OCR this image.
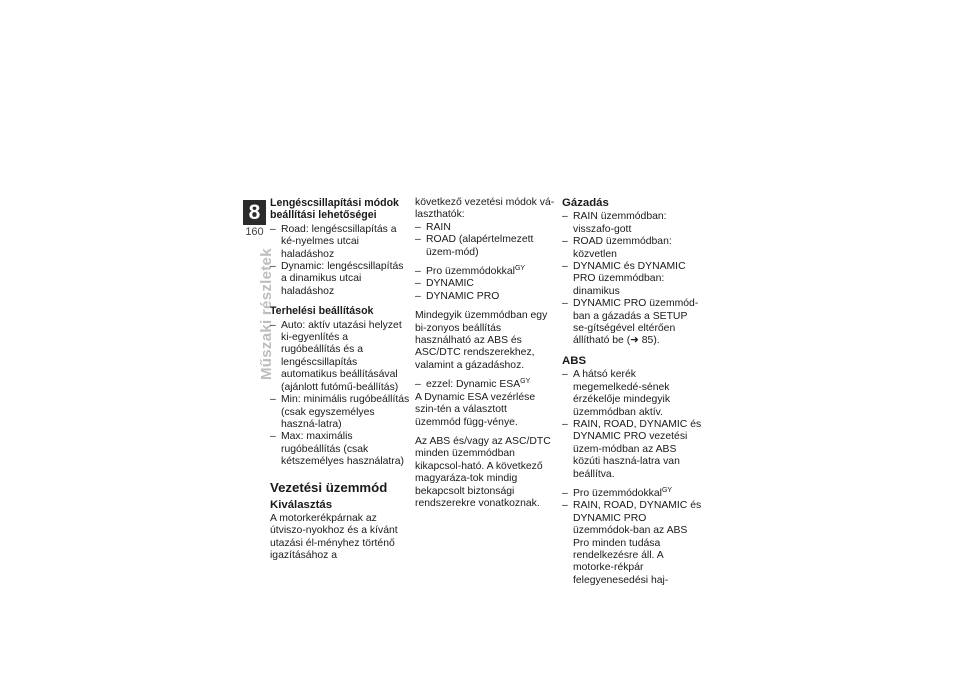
8
160
Műszaki részletek
Lengéscsillapítási módok beállítási lehetőségei
– Road: lengéscsillapítás a ké-nyelmes utcai haladáshoz
– Dynamic: lengéscsillapítás a dinamikus utcai haladáshoz
Terhelési beállítások
– Auto: aktív utazási helyzet ki-egyenlítés a rugóbeállítás és a lengéscsillapítás automatikus beállításával (ajánlott futómű-beállítás)
– Min: minimális rugóbeállítás (csak egyszemélyes haszná-latra)
– Max: maximális rugóbeállítás (csak kétszemélyes használatra)
Vezetési üzemmód
Kiválasztás

A motorkerékpárnak az útviszo-nyokhoz és a kívánt utazási él-ményhez történő igazításához a

következő vezetési módok vá-laszthatók:

– RAIN
– ROAD (alapértelmezett üzem-mód)
– Pro üzemmódokkal$^{GY}$
– DYNAMIC
– DYNAMIC PRO

Mindegyik üzemmódban egy bi-zonyos beállítás használható az ABS és ASC/DTC rendszerekhez, valamint a gázadáshoz.

– ezzel: Dynamic $ESA^{GY}$

A Dynamic ESA vezérlése szin-tén a választott üzemmód függ-vénye.

Az ABS és/vagy az ASC/DTC minden üzemmódban kikapcsol-ható. A következő magyaráza-tok mindig bekapcsolt biztonsági rendszerekre vonatkoznak.

Gázadás
– RAIN üzemmódban: visszafo-gott
– ROAD üzemmódban: közvetlen
– DYNAMIC és DYNAMIC PRO üzemmódban: dinamikus
– DYNAMIC PRO üzemmód-ban a gázadás a SETUP se-gítségével eltérően állítható be (➜ 85).
ABS
– A hátsó kerék megemelkedé-sének érzékelője mindegyik üzemmódban aktív.
– RAIN, ROAD, DYNAMIC és DYNAMIC PRO vezetési üzem-módban az ABS közúti haszná-latra van beállítva.
– Pro üzemmódokkal$^{GY}$
– RAIN, ROAD, DYNAMIC és DYNAMIC PRO üzemmódok-ban az ABS Pro minden tudása rendelkezésre áll. A motorke-rékpár felegyenesedési haj-
